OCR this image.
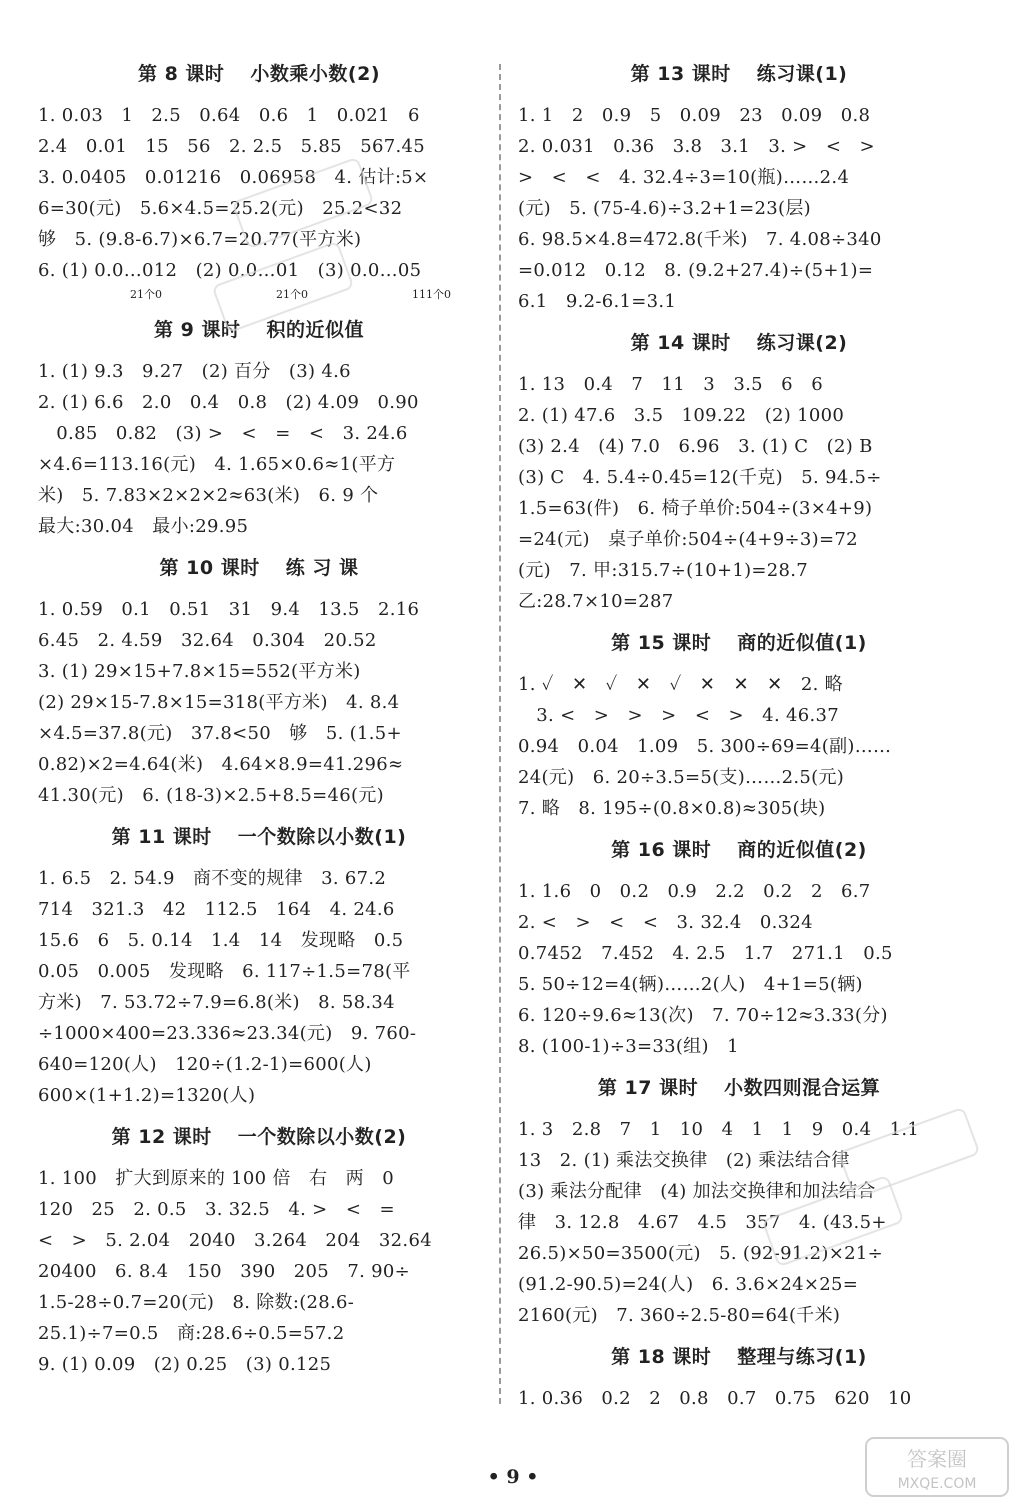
第 8 课时 小数乘小数(2)
1. 0.03　1　2.5　0.64　0.6　1　0.021　6
2.4　0.01　15　56　2. 2.5　5.85　567.45
3. 0.0405　0.01216　0.06958　4. 估计:5×
6=30(元)　5.6×4.5=25.2(元)　25.2<32
够　5. (9.8-6.7)×6.7=20.77(平方米)
6. (1) 0.0…012　(2) 0.0…01　(3) 0.0…05
21个0	21个0	111个0
第 9 课时 积的近似值
1. (1) 9.3　9.27　(2) 百分　(3) 4.6
2. (1) 6.6　2.0　0.4　0.8　(2) 4.09　0.90
　0.85　0.82　(3) >　<　=　<　3. 24.6
×4.6=113.16(元)　4. 1.65×0.6≈1(平方
米)　5. 7.83×2×2×2≈63(米)　6. 9 个
最大:30.04　最小:29.95
第 10 课时 练 习 课
1. 0.59　0.1　0.51　31　9.4　13.5　2.16
6.45　2. 4.59　32.64　0.304　20.52
3. (1) 29×15+7.8×15=552(平方米)
(2) 29×15-7.8×15=318(平方米)　4. 8.4
×4.5=37.8(元)　37.8<50　够　5. (1.5+
0.82)×2=4.64(米)　4.64×8.9=41.296≈
41.30(元)　6. (18-3)×2.5+8.5=46(元)
第 11 课时 一个数除以小数(1)
1. 6.5　2. 54.9　商不变的规律　3. 67.2
714　321.3　42　112.5　164　4. 24.6
15.6　6　5. 0.14　1.4　14　发现略　0.5
0.05　0.005　发现略　6. 117÷1.5=78(平
方米)　7. 53.72÷7.9=6.8(米)　8. 58.34
÷1000×400=23.336≈23.34(元)　9. 760-
640=120(人)　120÷(1.2-1)=600(人)
600×(1+1.2)=1320(人)
第 12 课时 一个数除以小数(2)
1. 100　扩大到原来的 100 倍　右　两　0
120　25　2. 0.5　3. 32.5　4. >　<　=
<　>　5. 2.04　2040　3.264　204　32.64
20400　6. 8.4　150　390　205　7. 90÷
1.5-28÷0.7=20(元)　8. 除数:(28.6-
25.1)÷7=0.5　商:28.6÷0.5=57.2
9. (1) 0.09　(2) 0.25　(3) 0.125
第 13 课时 练习课(1)
1. 1　2　0.9　5　0.09　23　0.09　0.8
2. 0.031　0.36　3.8　3.1　3. >　<　>
>　<　<　4. 32.4÷3=10(瓶)……2.4
(元)　5. (75-4.6)÷3.2+1=23(层)
6. 98.5×4.8=472.8(千米)　7. 4.08÷340
=0.012　0.12　8. (9.2+27.4)÷(5+1)=
6.1　9.2-6.1=3.1
第 14 课时 练习课(2)
1. 13　0.4　7　11　3　3.5　6　6
2. (1) 47.6　3.5　109.22　(2) 1000
(3) 2.4　(4) 7.0　6.96　3. (1) C　(2) B
(3) C　4. 5.4÷0.45=12(千克)　5. 94.5÷
1.5=63(件)　6. 椅子单价:504÷(3×4+9)
=24(元)　桌子单价:504÷(4+9÷3)=72
(元)　7. 甲:315.7÷(10+1)=28.7
乙:28.7×10=287
第 15 课时 商的近似值(1)
1. ✓　✕　✓　✕　✓　✕　✕　✕　2. 略
　3. <　>　>　>　<　>　4. 46.37
0.94　0.04　1.09　5. 300÷69=4(副)……
24(元)　6. 20÷3.5=5(支)……2.5(元)
7. 略　8. 195÷(0.8×0.8)≈305(块)
第 16 课时 商的近似值(2)
1. 1.6　0　0.2　0.9　2.2　0.2　2　6.7
2. <　>　<　<　3. 32.4　0.324
0.7452　7.452　4. 2.5　1.7　271.1　0.5
5. 50÷12=4(辆)……2(人)　4+1=5(辆)
6. 120÷9.6≈13(次)　7. 70÷12≈3.33(分)
8. (100-1)÷3=33(组)　1
第 17 课时 小数四则混合运算
1. 3　2.8　7　1　10　4　1　1　9　0.4　1.1
13　2. (1) 乘法交换律　(2) 乘法结合律
(3) 乘法分配律　(4) 加法交换律和加法结合
律　3. 12.8　4.67　4.5　357　4. (43.5+
26.5)×50=3500(元)　5. (92-91.2)×21÷
(91.2-90.5)=24(人)　6. 3.6×24×25=
2160(元)　7. 360÷2.5-80=64(千米)
第 18 课时 整理与练习(1)
1. 0.36　0.2　2　0.8　0.7　0.75　620　10
• 9 •
答案圈
MXQE.COM
